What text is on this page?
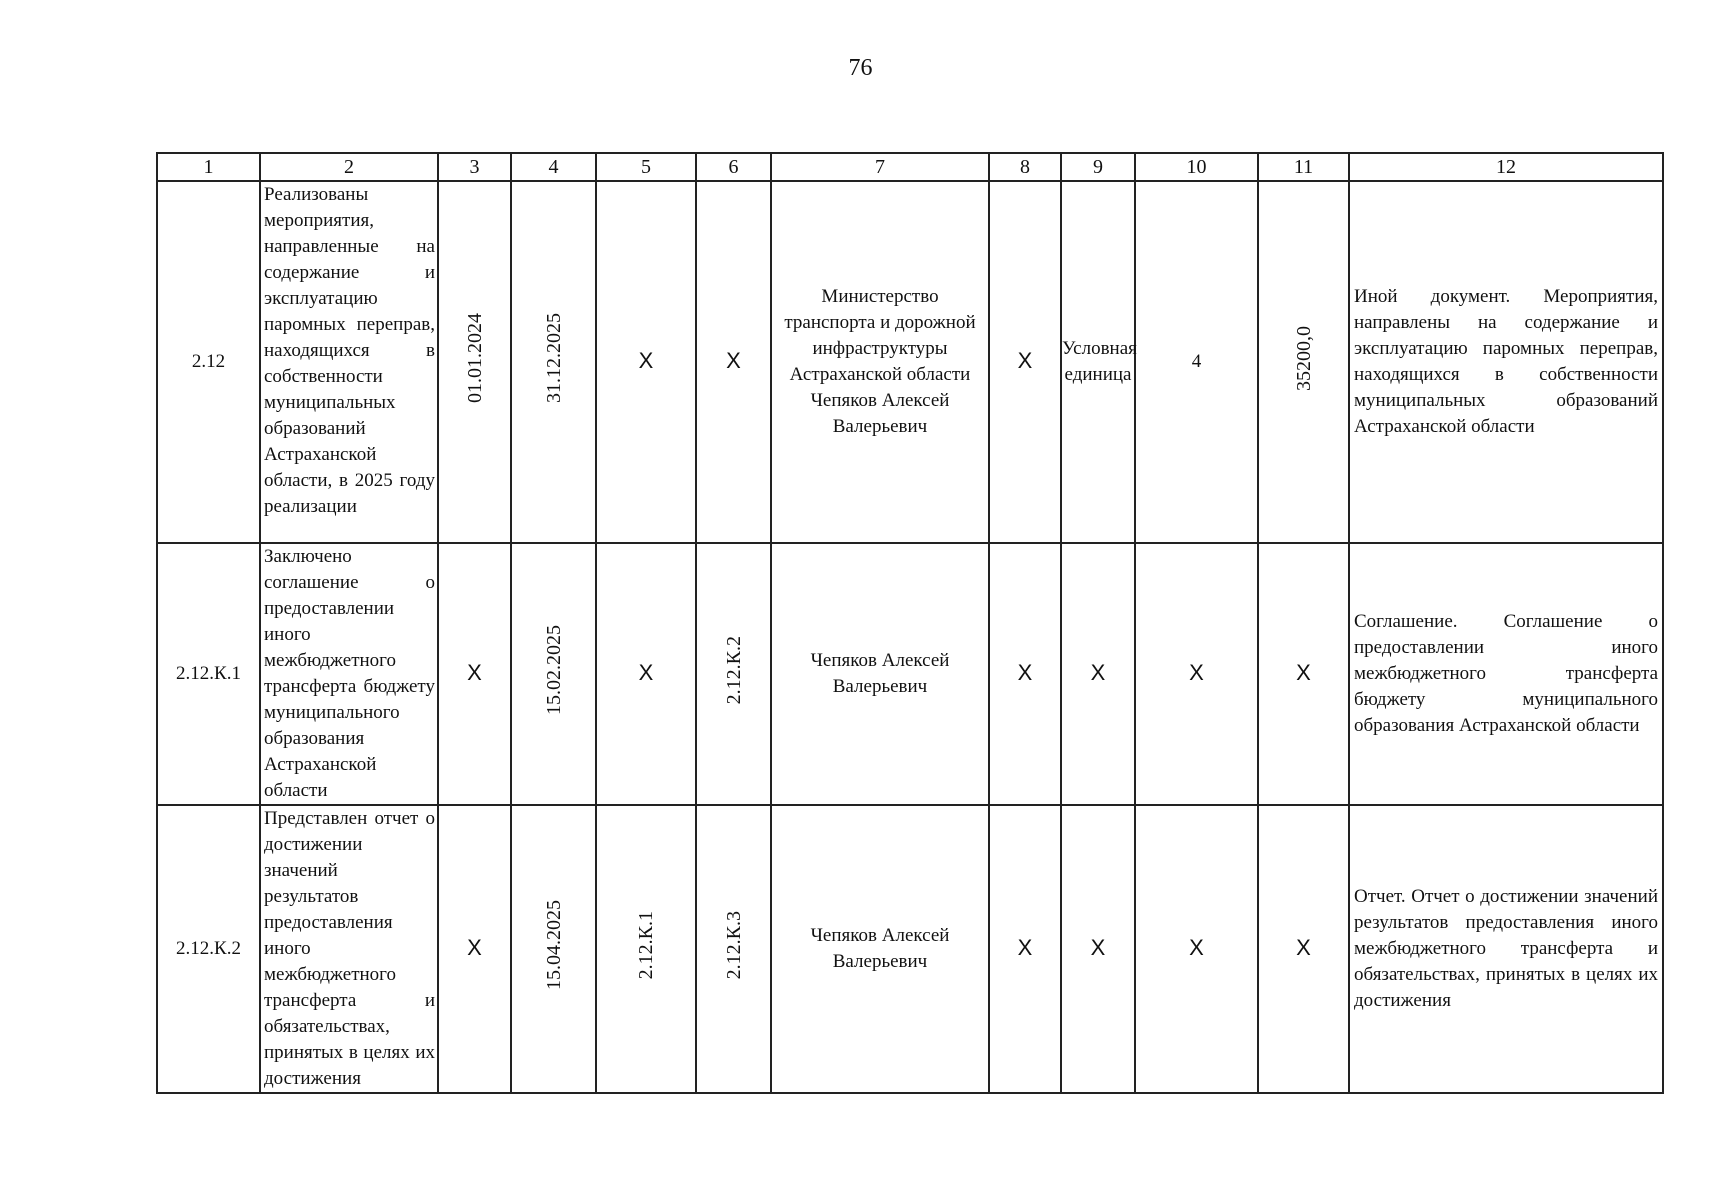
76
1	2	3	4	5	6	7	8	9	10	11	12
2.12	Реализованы мероприятия, направленные на содержание и эксплуатацию паромных переправ, находящихся в собственности муниципальных образований Астраханской области, в 2025 году реализации	01.01.2024	31.12.2025	X	X	Министерство транспорта и дорожной инфраструктуры Астраханской области Чепяков Алексей Валерьевич	X	Условная единица	4	35200,0	Иной документ. Мероприятия, направлены на содержание и эксплуатацию паромных переправ, находящихся в собственности муниципальных образований Астраханской области
2.12.К.1	Заключено соглашение о предоставлении иного межбюджетного трансферта бюджету муниципального образования Астраханской области	X	15.02.2025	X	2.12.К.2	Чепяков Алексей Валерьевич	X	X	X	X	Соглашение. Соглашение о предоставлении иного межбюджетного трансферта бюджету муниципального образования Астраханской области
2.12.К.2	Представлен отчет о достижении значений результатов предоставления иного межбюджетного трансферта и обязательствах, принятых в целях их достижения	X	15.04.2025	2.12.К.1	2.12.К.3	Чепяков Алексей Валерьевич	X	X	X	X	Отчет. Отчет о достижении значений результатов предоставления иного межбюджетного трансферта и обязательствах, принятых в целях их достижения
